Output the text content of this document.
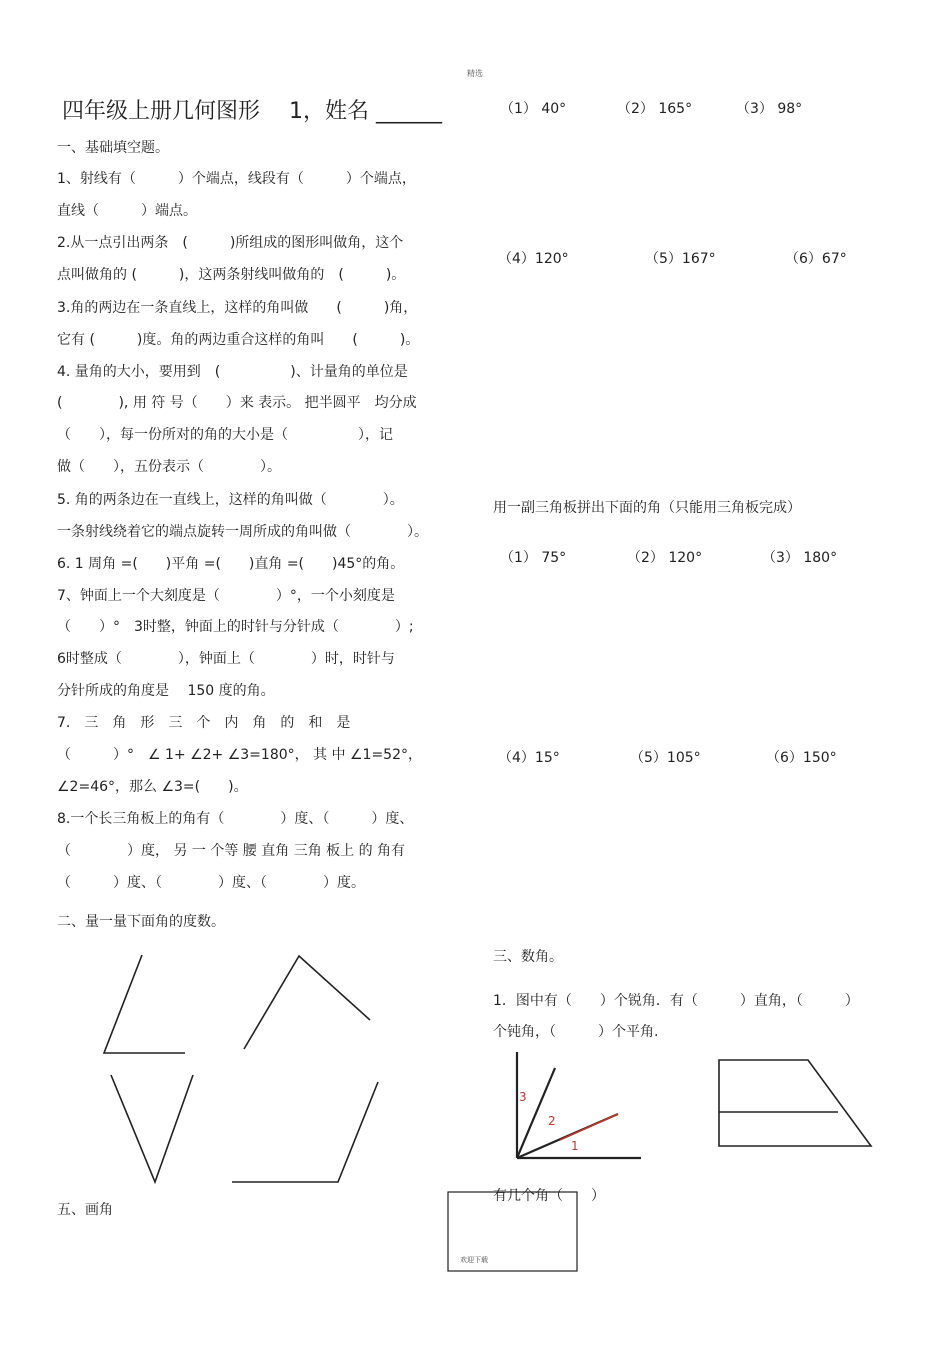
精选
四年级上册几何图形　 1，姓名 ______
一、基础填空题。
1、射线有（　　　）个端点，线段有（　　　）个端点，
直线（　　　）端点。
2.从一点引出两条　(　　　)所组成的图形叫做角，这个
点叫做角的 (　　　)，这两条射线叫做角的　(　　　)。
3.角的两边在一条直线上，这样的角叫做　　(　　　)角，
它有 (　　　)度。角的两边重合这样的角叫　　(　　　)。
4. 量角的大小，要用到　(　　　　　)、计量角的单位是
(　　　　), 用 符 号（　　）来 表示。 把半圆平　均分成
（　　），每一份所对的角的大小是（　　　　　），记
做（　　），五份表示（　　　　）。
5. 角的两条边在一直线上，这样的角叫做（　　　　）。
一条射线绕着它的端点旋转一周所成的角叫做（　　　　）。
6. 1 周角 =(　　)平角 =(　　)直角 =(　　)45°的角。
7、钟面上一个大刻度是（　　　　）°，一个小刻度是
（　　）°　3时整，钟面上的时针与分针成（　　　　）;
6时整成（　　　　），钟面上（　　　　）时，时针与
分针所成的角度是　 150 度的角。
7.　三　角　形　三　个　内　角　的　和　是
（　　　）°　∠ 1+ ∠2+ ∠3=180°， 其 中 ∠1=52°，
∠2=46°，那么 ∠3=(　　)。
8.一个长三角板上的角有（　　　　）度、（　　　）度、
（　　　　）度， 另 一 个等 腰 直角 三角 板上 的 角有
（　　　）度、（　　　　）度、（　　　　）度。
二、量一量下面角的度数。
五、画角
（1） 40°	（2） 165°	（3） 98°
（4）120°	（5）167°	（6）67°
用一副三角板拼出下面的角（只能用三角板完成）
（1） 75°	（2） 120°	（3） 180°
（4）15°	（5）105°	（6）150°
三、数角。
1．图中有（　　）个锐角．有（　　　）直角，（　　　）
个钝角，（　　　）个平角.
3
2
1
有几个角（　　）
欢迎下载
